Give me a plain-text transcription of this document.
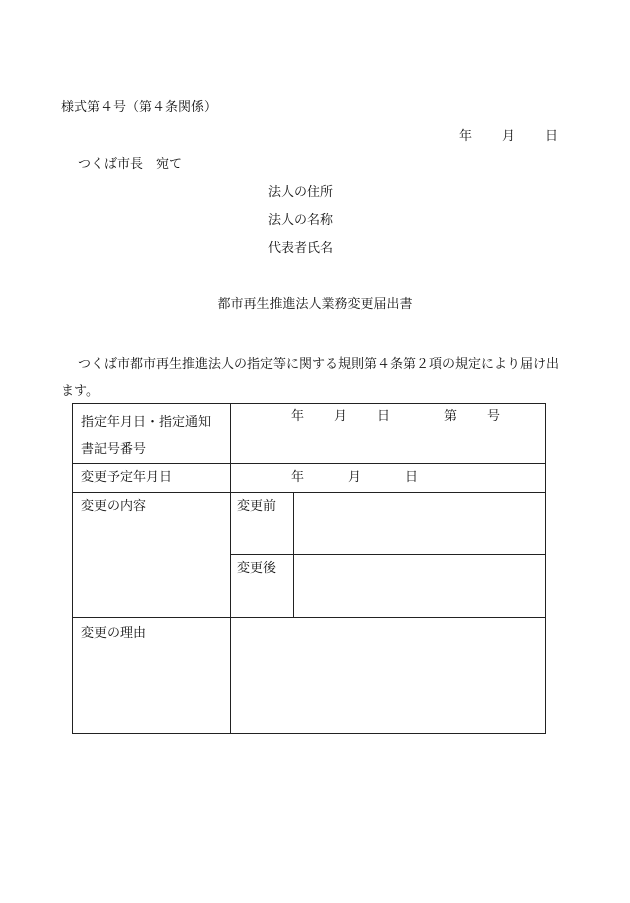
様式第４号（第４条関係）
年 月 日
つくば市長　宛て
法人の住所
法人の名称
代表者氏名
都市再生推進法人業務変更届出書
つくば市都市再生推進法人の指定等に関する規則第４条第２項の規定により届け出ます。
指定年月日・指定通知書記号番号	年 月 日 第 号	

変更予定年月日	年 月 日	

変更の内容	変更前	
	変更後	
変更の理由		
